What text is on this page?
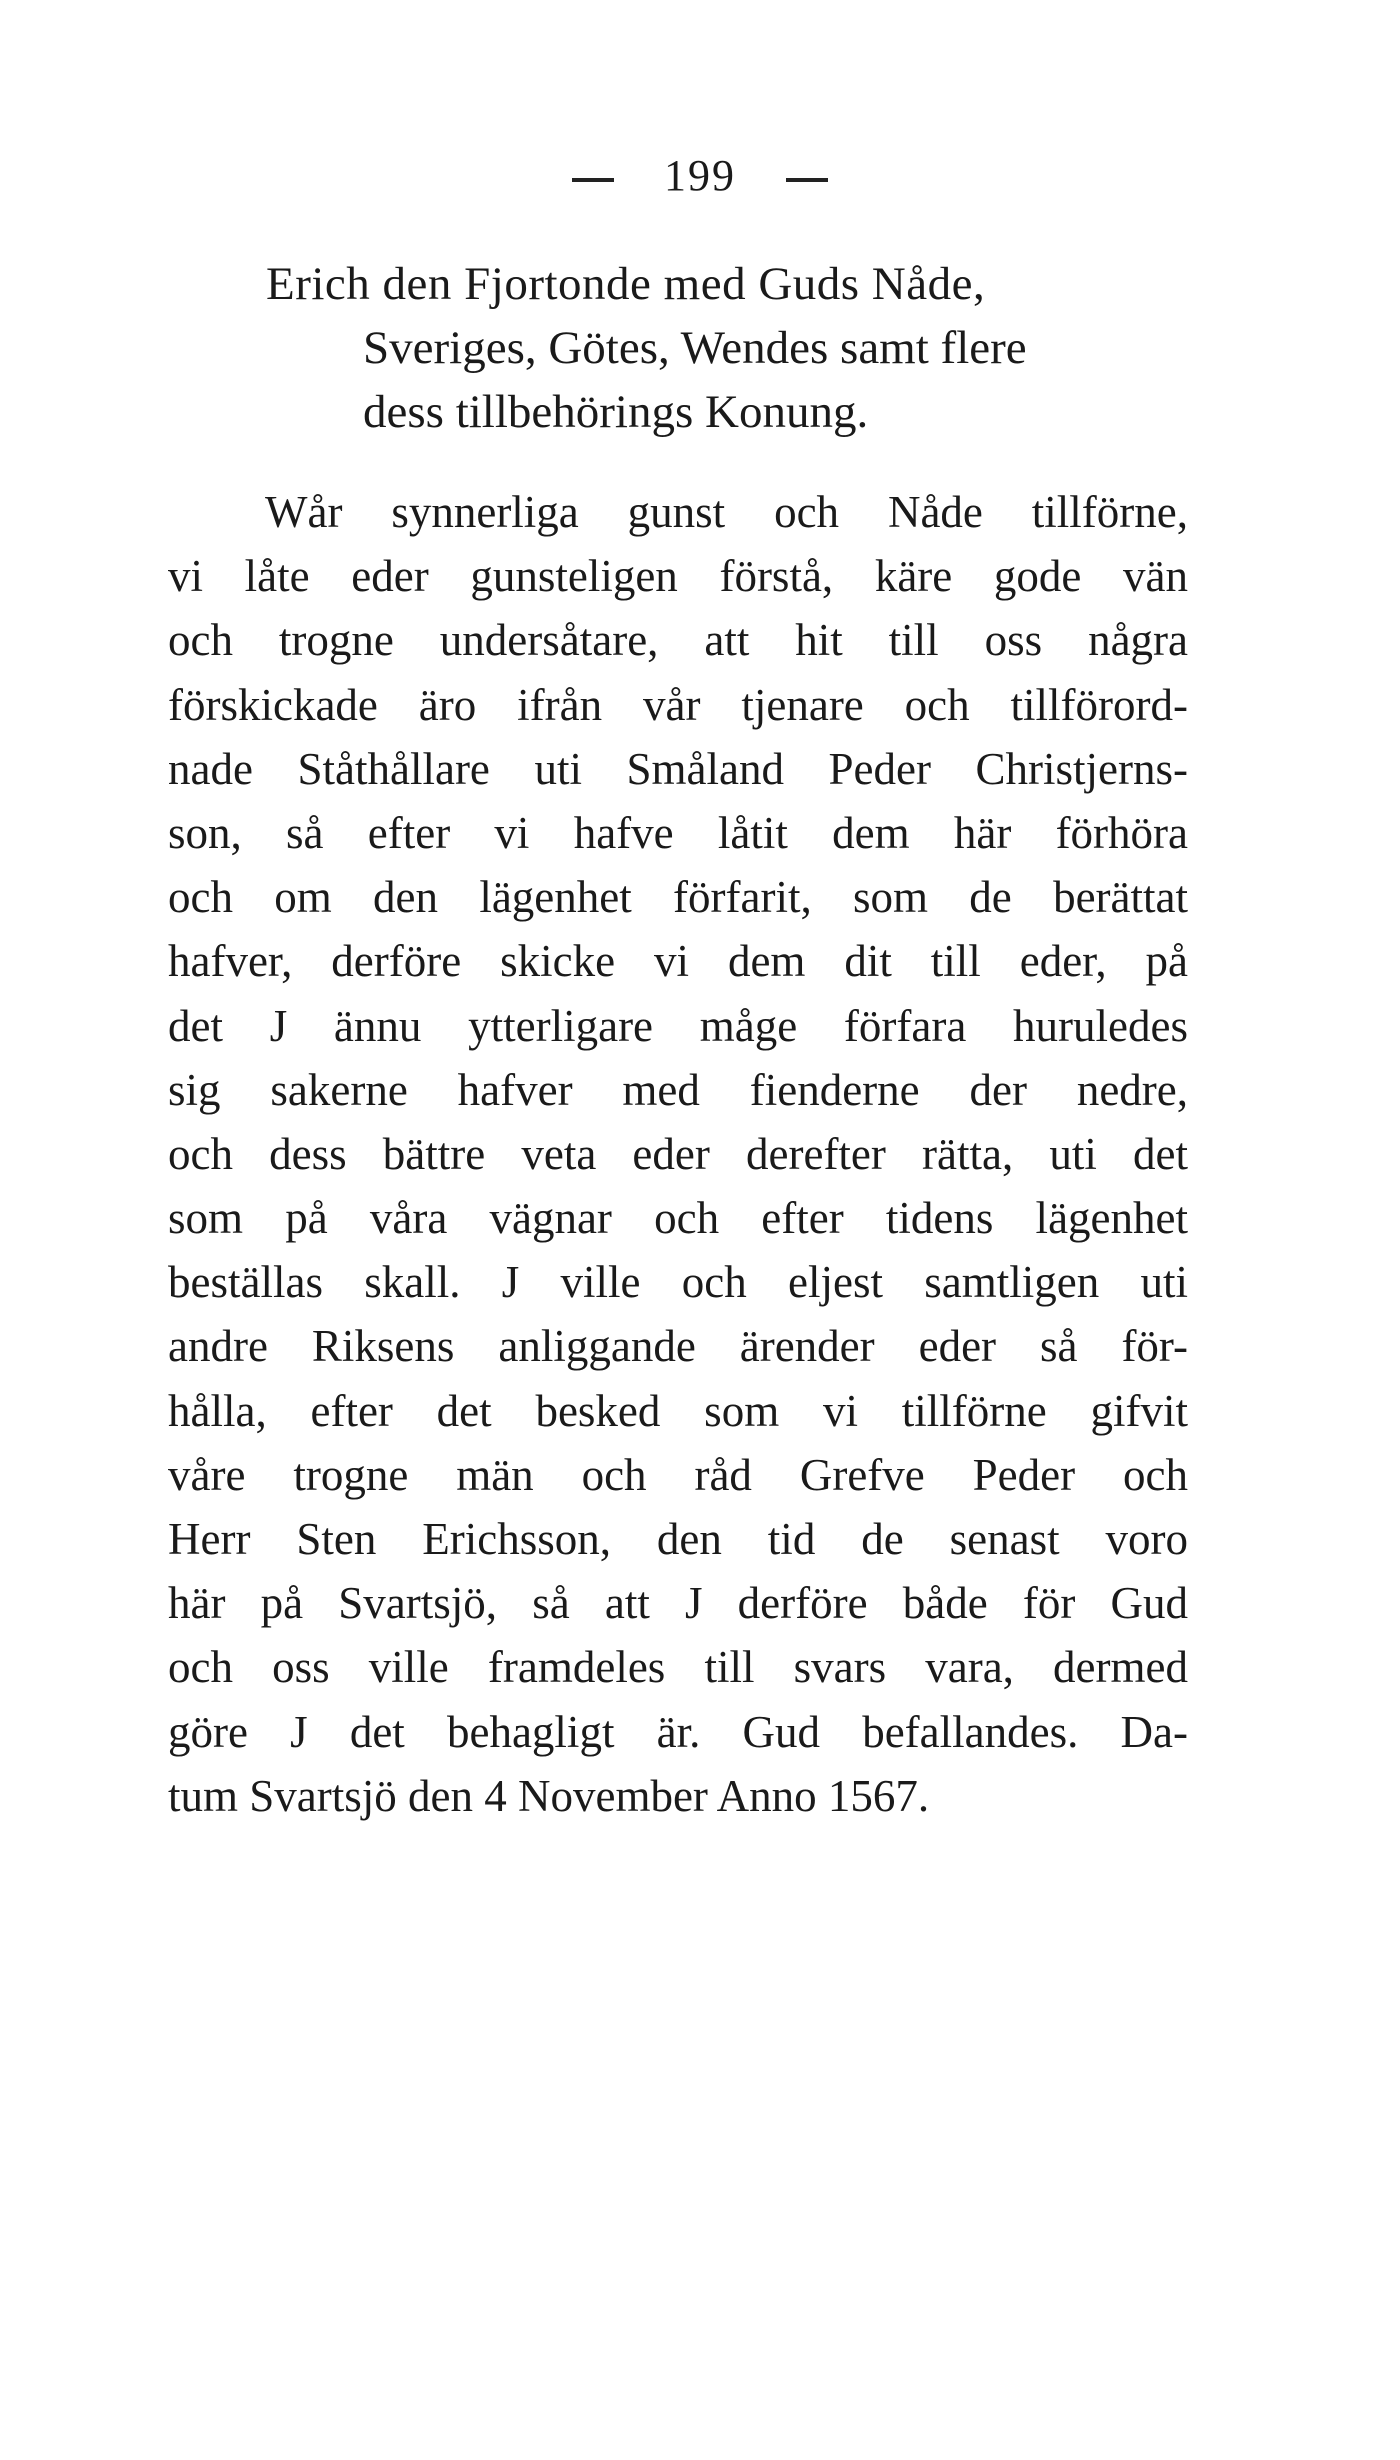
199
Erich den Fjortonde med Guds Nåde,
Sveriges, Götes, Wendes samt flere
dess tillbehörings Konung.
Wår synnerliga gunst och Nåde tillförne,
vi låte eder gunsteligen förstå, käre gode vän
och trogne undersåtare, att hit till oss några
förskickade äro ifrån vår tjenare och tillförord-
nade Ståthållare uti Småland Peder Christjerns-
son, så efter vi hafve låtit dem här förhöra
och om den lägenhet förfarit, som de berättat
hafver, derföre skicke vi dem dit till eder, på
det J ännu ytterligare måge förfara huruledes
sig sakerne hafver med fienderne der nedre,
och dess bättre veta eder derefter rätta, uti det
som på våra vägnar och efter tidens lägenhet
beställas skall. J ville och eljest samtligen uti
andre Riksens anliggande ärender eder så för-
hålla, efter det besked som vi tillförne gifvit
våre trogne män och råd Grefve Peder och
Herr Sten Erichsson, den tid de senast voro
här på Svartsjö, så att J derföre både för Gud
och oss ville framdeles till svars vara, dermed
göre J det behagligt är. Gud befallandes. Da-
tum Svartsjö den 4 November Anno 1567.
